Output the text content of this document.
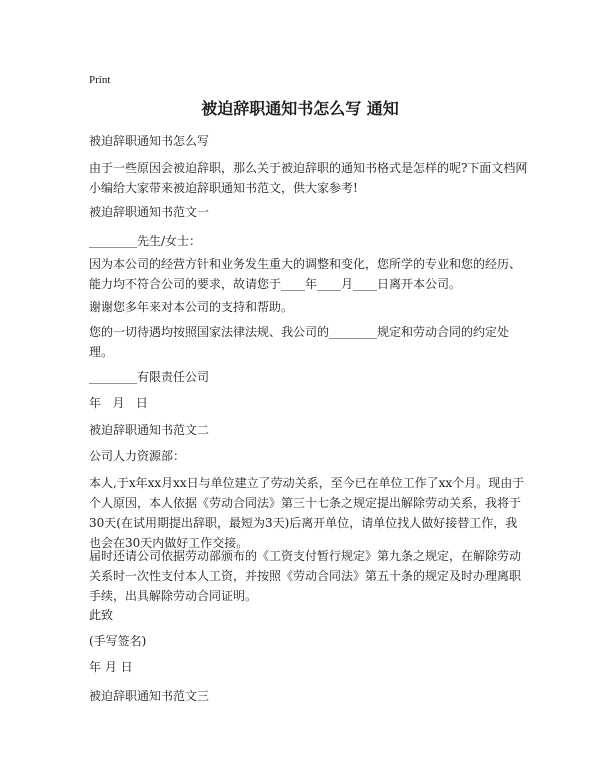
Print

被迫辞职通知书怎么写 通知

被迫辞职通知书怎么写

由于一些原因会被迫辞职，那么关于被迫辞职的通知书格式是怎样的呢?下面文档网小编给大家带来被迫辞职通知书范文，供大家参考!

被迫辞职通知书范文一

________先生/女士：

因为本公司的经营方针和业务发生重大的调整和变化，您所学的专业和您的经历、能力均不符合公司的要求，故请您于____年____月____日离开本公司。

谢谢您多年来对本公司的支持和帮助。

您的一切待遇均按照国家法律法规、我公司的________规定和劳动合同的约定处理。

________有限责任公司

年   月   日

被迫辞职通知书范文二

公司人力资源部：

本人,于x年xx月xx日与单位建立了劳动关系，至今已在单位工作了xx个月。现由于个人原因，本人依据《劳动合同法》第三十七条之规定提出解除劳动关系，我将于30天(在试用期提出辞职，最短为3天)后离开单位，请单位找人做好接替工作，我也会在30天内做好工作交接。

届时还请公司依据劳动部颁布的《工资支付暂行规定》第九条之规定，在解除劳动关系时一次性支付本人工资，并按照《劳动合同法》第五十条的规定及时办理离职手续，出具解除劳动合同证明。

此致

(手写签名)

年 月 日

被迫辞职通知书范文三
